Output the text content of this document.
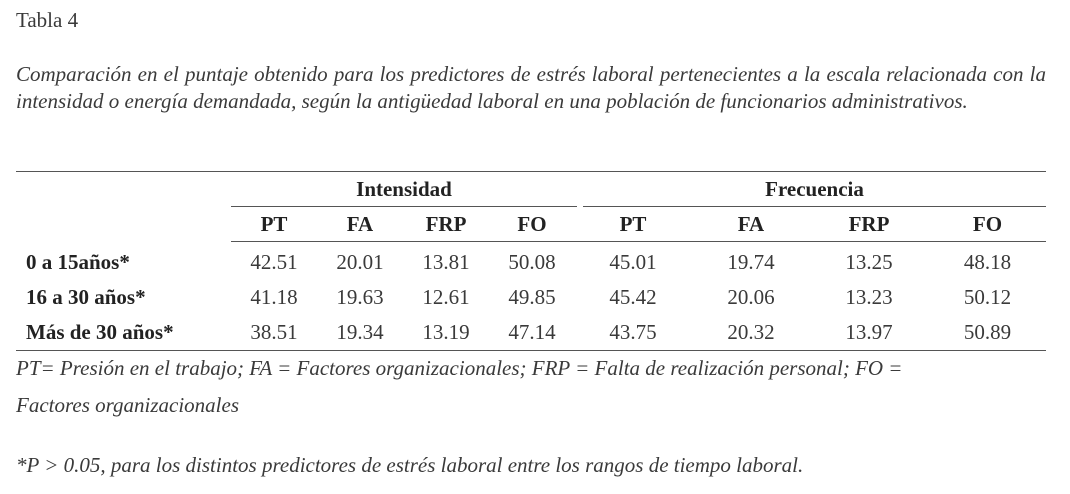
Tabla 4
Comparación en el puntaje obtenido para los predictores de estrés laboral pertenecientes a la escala relacionada con la intensidad o energía demandada, según la antigüedad laboral en una población de funcionarios administrativos.
Intensidad	Frecuencia
PT	FA	FRP	FO	PT	FA	FRP	FO
0 a 15años*	42.51	20.01	13.81	50.08	45.01	19.74	13.25	48.18
16 a 30 años*	41.18	19.63	12.61	49.85	45.42	20.06	13.23	50.12
Más de 30 años*	38.51	19.34	13.19	47.14	43.75	20.32	13.97	50.89
PT= Presión en el trabajo; FA = Factores organizacionales; FRP = Falta de realización personal; FO =
Factores organizacionales
*P > 0.05, para los distintos predictores de estrés laboral entre los rangos de tiempo laboral.
